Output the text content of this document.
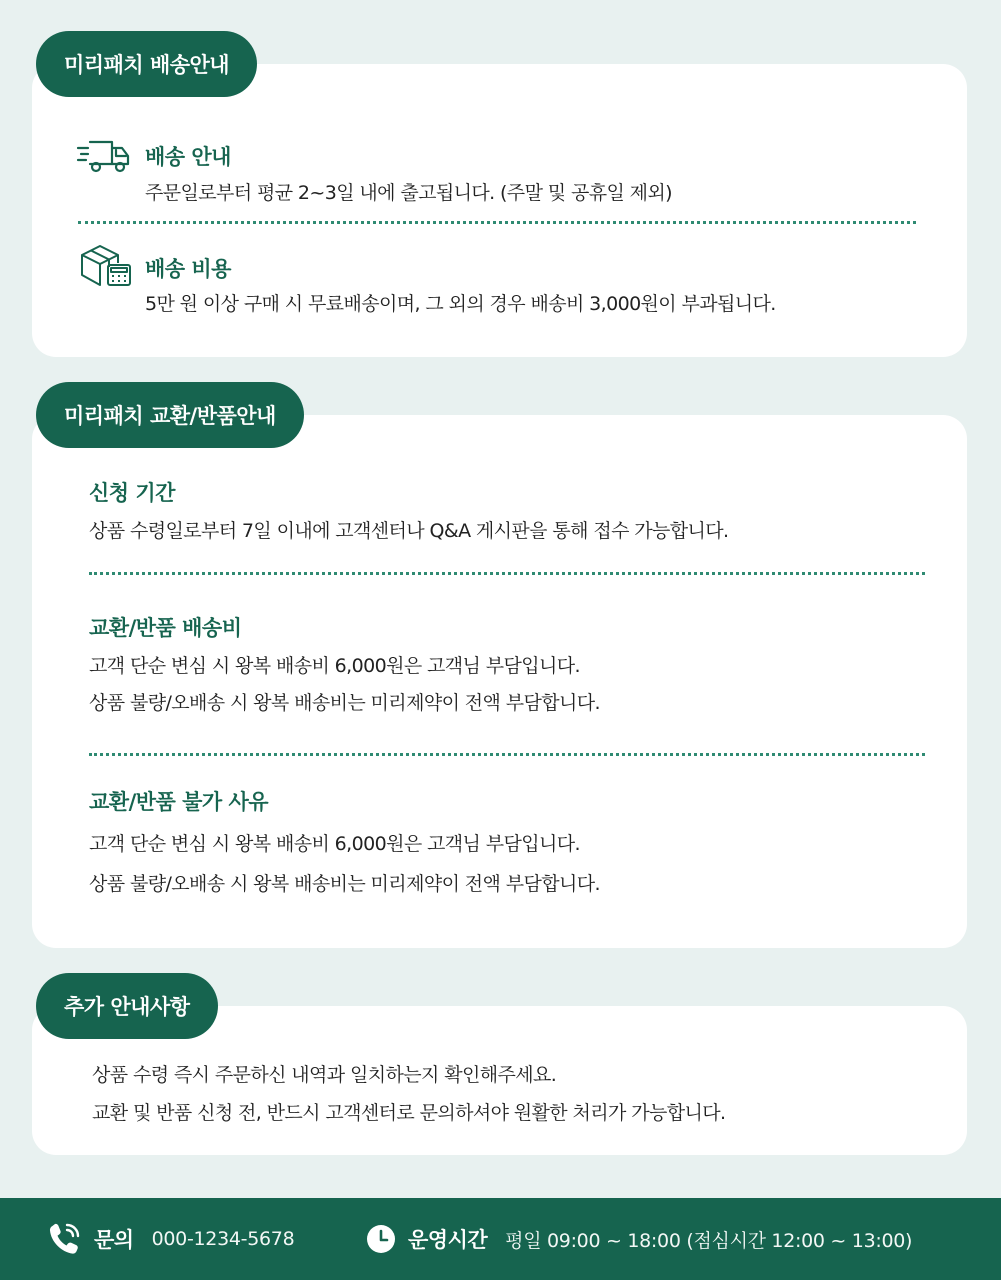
미리패치 배송안내
배송 안내
주문일로부터 평균 2~3일 내에 출고됩니다. (주말 및 공휴일 제외)
배송 비용
5만 원 이상 구매 시 무료배송이며, 그 외의 경우 배송비 3,000원이 부과됩니다.
미리패치 교환/반품안내
신청 기간
상품 수령일로부터 7일 이내에 고객센터나 Q&A 게시판을 통해 접수 가능합니다.
교환/반품 배송비
고객 단순 변심 시 왕복 배송비 6,000원은 고객님 부담입니다.
상품 불량/오배송 시 왕복 배송비는 미리제약이 전액 부담합니다.
교환/반품 불가 사유
고객 단순 변심 시 왕복 배송비 6,000원은 고객님 부담입니다.
상품 불량/오배송 시 왕복 배송비는 미리제약이 전액 부담합니다.
추가 안내사항
상품 수령 즉시 주문하신 내역과 일치하는지 확인해주세요.
교환 및 반품 신청 전, 반드시 고객센터로 문의하셔야 원활한 처리가 가능합니다.
문의 000-1234-5678	운영시간 평일 09:00 ~ 18:00 (점심시간 12:00 ~ 13:00)
